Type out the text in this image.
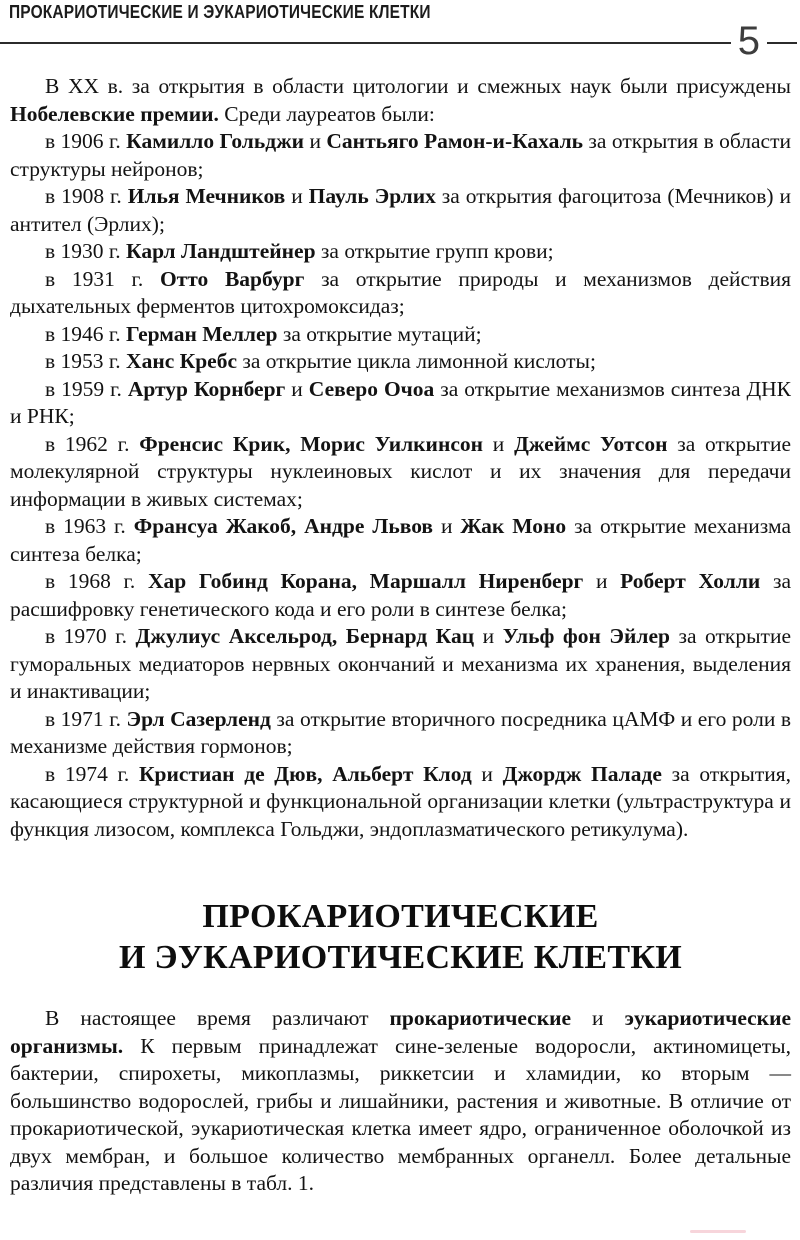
ПРОКАРИОТИЧЕСКИЕ И ЭУКАРИОТИЧЕСКИЕ КЛЕТКИ
5

В XX в. за открытия в области цитологии и смежных наук были присуждены Нобелевские премии. Среди лауреатов были:

в 1906 г. Камилло Гольджи и Сантьяго Рамон-и-Кахаль за открытия в области структуры нейронов;

в 1908 г. Илья Мечников и Пауль Эрлих за открытия фагоцитоза (Мечников) и антител (Эрлих);

в 1930 г. Карл Ландштейнер за открытие групп крови;

в 1931 г. Отто Варбург за открытие природы и механизмов действия дыхательных ферментов цитохромоксидаз;

в 1946 г. Герман Меллер за открытие мутаций;

в 1953 г. Ханс Кребс за открытие цикла лимонной кислоты;

в 1959 г. Артур Корнберг и Северо Очоа за открытие механизмов синтеза ДНК и РНК;

в 1962 г. Френсис Крик, Морис Уилкинсон и Джеймс Уотсон за открытие молекулярной структуры нуклеиновых кислот и их значения для передачи информации в живых системах;

в 1963 г. Франсуа Жакоб, Андре Львов и Жак Моно за открытие механизма синтеза белка;

в 1968 г. Хар Гобинд Корана, Маршалл Ниренберг и Роберт Холли за расшифровку генетического кода и его роли в синтезе белка;

в 1970 г. Джулиус Аксельрод, Бернард Кац и Ульф фон Эйлер за открытие гуморальных медиаторов нервных окончаний и механизма их хранения, выделения и инактивации;

в 1971 г. Эрл Сазерленд за открытие вторичного посредника цАМФ и его роли в механизме действия гормонов;

в 1974 г. Кристиан де Дюв, Альберт Клод и Джордж Паладе за открытия, касающиеся структурной и функциональной организации клетки (ультраструктура и функция лизосом, комплекса Гольджи, эндоплазматического ретикулума).

ПРОКАРИОТИЧЕСКИЕ
И ЭУКАРИОТИЧЕСКИЕ КЛЕТКИ

В настоящее время различают прокариотические и эукариотические организмы. К первым принадлежат сине-зеленые водоросли, актиномицеты, бактерии, спирохеты, микоплазмы, риккетсии и хламидии, ко вторым — большинство водорослей, грибы и лишайники, растения и животные. В отличие от прокариотической, эукариотическая клетка имеет ядро, ограниченное оболочкой из двух мембран, и большое количество мембранных органелл. Более детальные различия представлены в табл. 1.
